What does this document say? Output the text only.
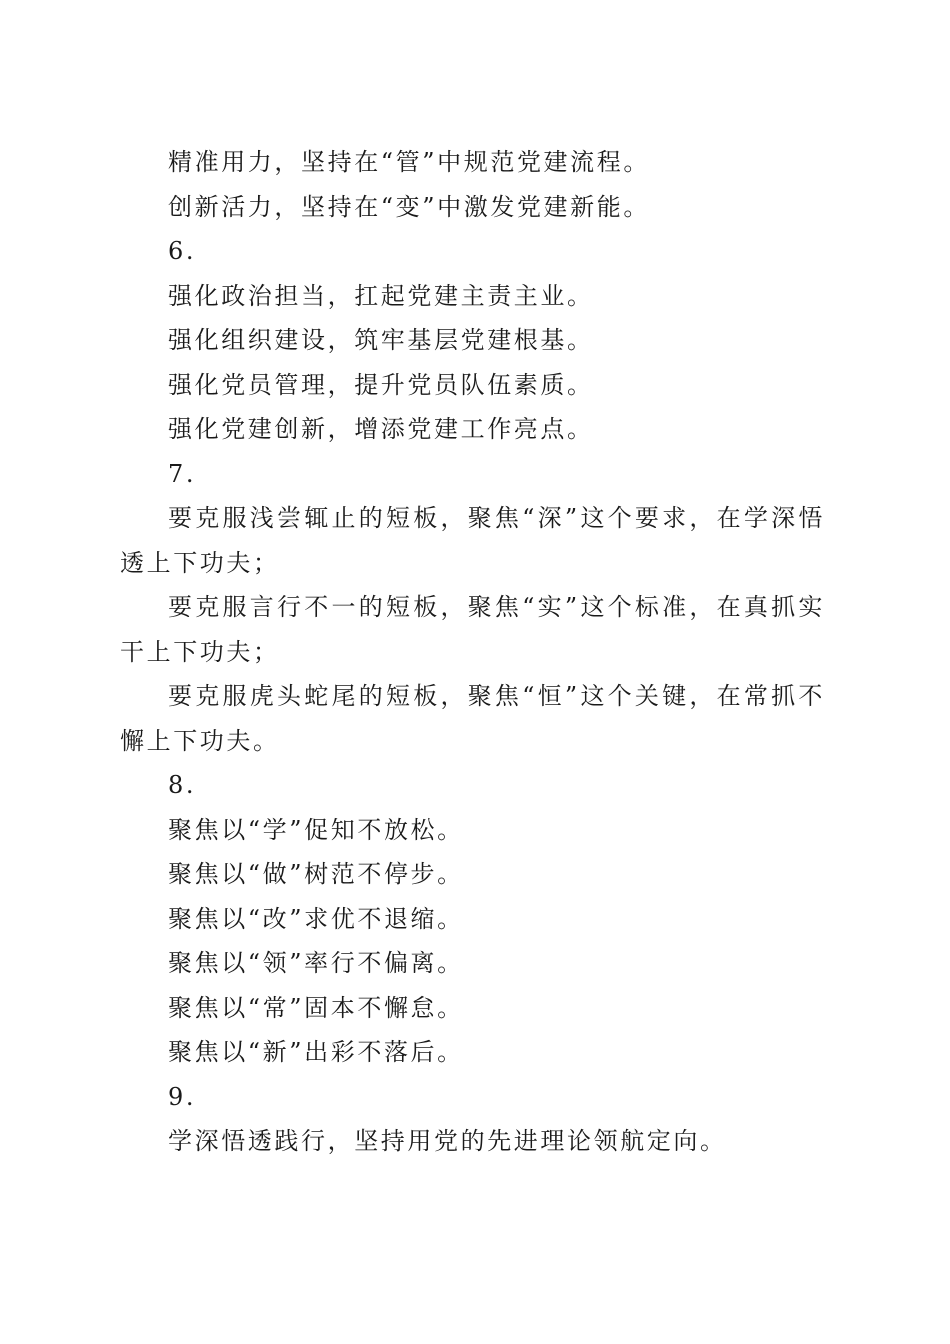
精准用力，坚持在“管”中规范党建流程。
创新活力，坚持在“变”中激发党建新能。
6.
强化政治担当，扛起党建主责主业。
强化组织建设，筑牢基层党建根基。
强化党员管理，提升党员队伍素质。
强化党建创新，增添党建工作亮点。
7.
要克服浅尝辄止的短板，聚焦“深”这个要求，在学深悟透上下功夫；
要克服言行不一的短板，聚焦“实”这个标准，在真抓实干上下功夫；
要克服虎头蛇尾的短板，聚焦“恒”这个关键，在常抓不懈上下功夫。
8.
聚焦以“学”促知不放松。
聚焦以“做”树范不停步。
聚焦以“改”求优不退缩。
聚焦以“领”率行不偏离。
聚焦以“常”固本不懈怠。
聚焦以“新”出彩不落后。
9.
学深悟透践行，坚持用党的先进理论领航定向。
